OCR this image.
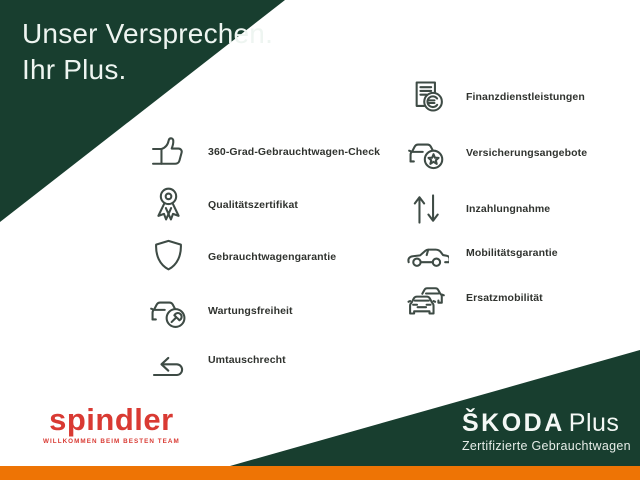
Unser Versprechen.
Ihr Plus.
360-Grad-Gebrauchtwagen-Check
Qualitätszertifikat
Gebrauchtwagengarantie
Wartungsfreiheit
Umtauschrecht
Finanzdienstleistungen
Versicherungsangebote
Inzahlungnahme
Mobilitätsgarantie
Ersatzmobilität
spindler
WILLKOMMEN BEIM BESTEN TEAM
ŠKODA Plus
Zertifizierte Gebrauchtwagen
